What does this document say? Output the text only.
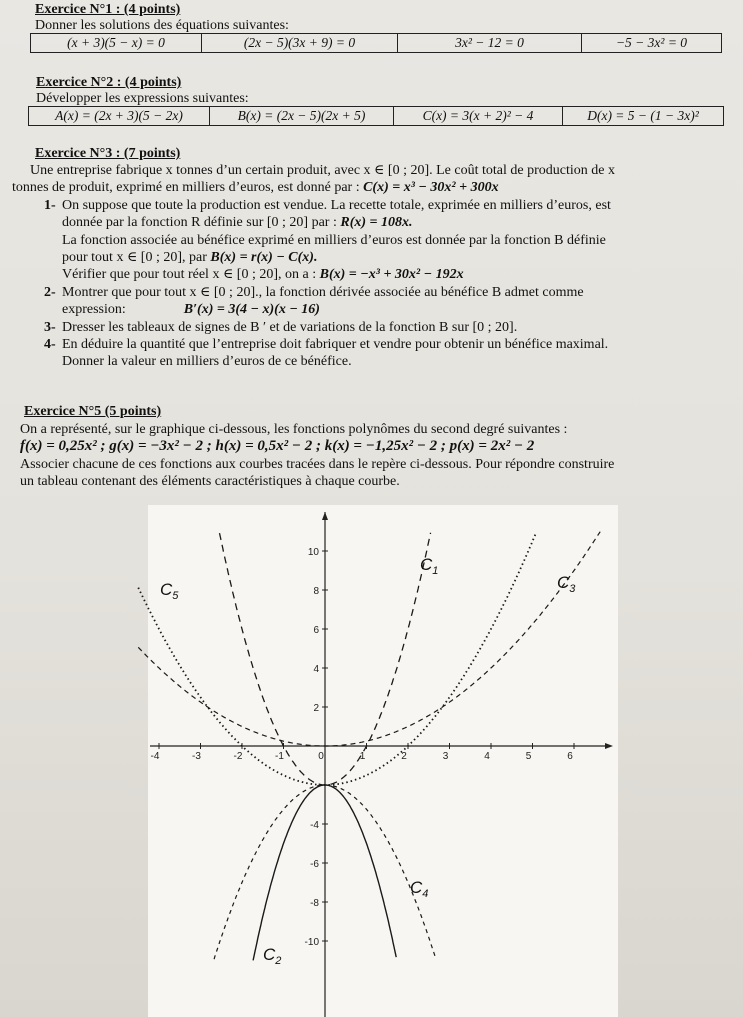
Exercice N°1 : (4 points)
Donner les solutions des équations suivantes:
(x + 3)(5 − x) = 0	(2x − 5)(3x + 9) = 0	3x² − 12 = 0	−5 − 3x² = 0
Exercice N°2 : (4 points)
Développer les expressions suivantes:
A(x) = (2x + 3)(5 − 2x)	B(x) = (2x − 5)(2x + 5)	C(x) = 3(x + 2)² − 4	D(x) = 5 − (1 − 3x)²
Exercice N°3 : (7 points)

Une entreprise fabrique x tonnes d’un certain produit, avec x ∈ [0 ; 20]. Le coût total de production de x

tonnes de produit, exprimé en milliers d’euros, est donné par : C(x) = x³ − 30x² + 300x

1- On suppose que toute la production est vendue. La recette totale, exprimée en milliers d’euros, est

donnée par la fonction R définie sur [0 ; 20] par : R(x) = 108x.

La fonction associée au bénéfice exprimé en milliers d’euros est donnée par la fonction B définie

pour tout x ∈ [0 ; 20], par B(x) = r(x) − C(x).

Vérifier que pour tout réel x ∈ [0 ; 20], on a : B(x) = −x³ + 30x² − 192x

2- Montrer que pour tout x ∈ [0 ; 20]., la fonction dérivée associée au bénéfice B admet comme

expression:	B′(x) = 3(4 − x)(x − 16)

3- Dresser les tableaux de signes de B ′ et de variations de la fonction B sur [0 ; 20].

4- En déduire la quantité que l’entreprise doit fabriquer et vendre pour obtenir un bénéfice maximal.

Donner la valeur en milliers d’euros de ce bénéfice.

Exercice N°5 (5 points)

On a représenté, sur le graphique ci-dessous, les fonctions polynômes du second degré suivantes :

f(x) = 0,25x² ; g(x) = −3x² − 2 ; h(x) = 0,5x² − 2 ; k(x) = −1,25x² − 2 ; p(x) = 2x² − 2

Associer chacune de ces fonctions aux courbes tracées dans le repère ci-dessous. Pour répondre construire

un tableau contenant des éléments caractéristiques à chaque courbe.

-4	-3	-2	-1	0	1	2	3	4	5	6
10
8
6
4
2
-4
-6
-8
-10
$C_1$
$C_2$
$C_3$
$C_4$
$C_5$
